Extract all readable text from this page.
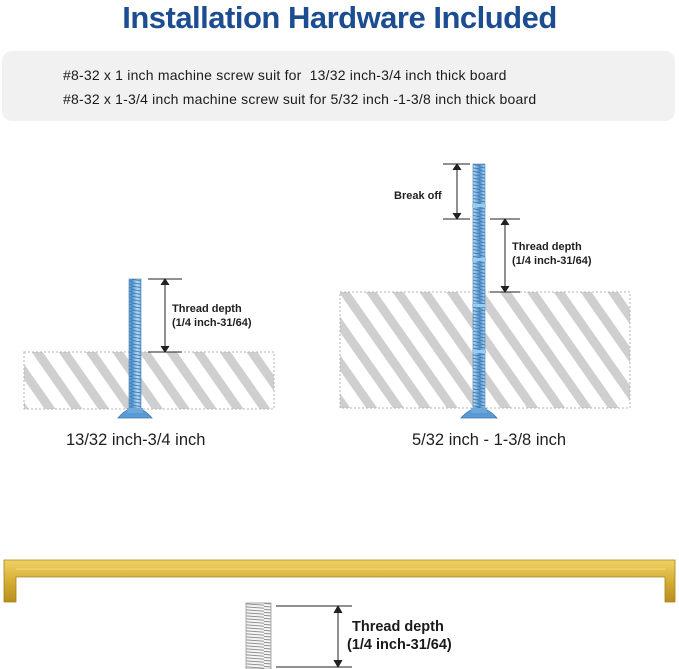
Installation Hardware Included
#8-32 x 1 inch machine screw suit for  13/32 inch-3/4 inch thick board
#8-32 x 1-3/4 inch machine screw suit for 5/32 inch -1-3/8 inch thick board
Thread depth
(1/4 inch-31/64)
13/32 inch-3/4 inch
Break off
Thread depth
(1/4 inch-31/64)
5/32 inch - 1-3/8 inch
Thread depth
(1/4 inch-31/64)
